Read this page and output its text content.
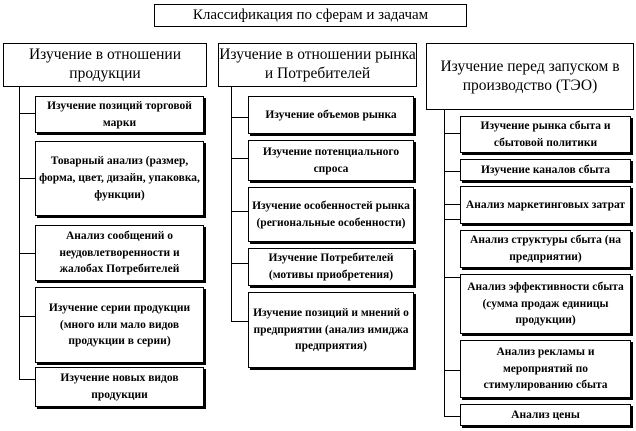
Классификация по сферам и задачам
Изучение в отношении продукции
Изучение в отношении рынка и Потребителей	Изучение перед запуском в производство (ТЭО)
Изучение позиций торговой марки
Товарный анализ (размер, форма, цвет, дизайн, упаковка, функции)
Анализ сообщений о неудовлетворенности и жалобах Потребителей
Изучение серии продукции (много или мало видов продукции в серии)
Изучение новых видов продукции
Изучение объемов рынка
Изучение потенциального спроса
Изучение особенностей рынка (региональные особенности)
Изучение Потребителей (мотивы приобретения)
Изучение позиций и мнений о предприятии (анализ имиджа предприятия)
Изучение рынка сбыта и сбытовой политики
Изучение каналов сбыта
Анализ маркетинговых затрат
Анализ структуры сбыта (на предприятии)
Анализ эффективности сбыта (сумма продаж единицы продукции)
Анализ рекламы и мероприятий по стимулированию сбыта
Анализ цены
